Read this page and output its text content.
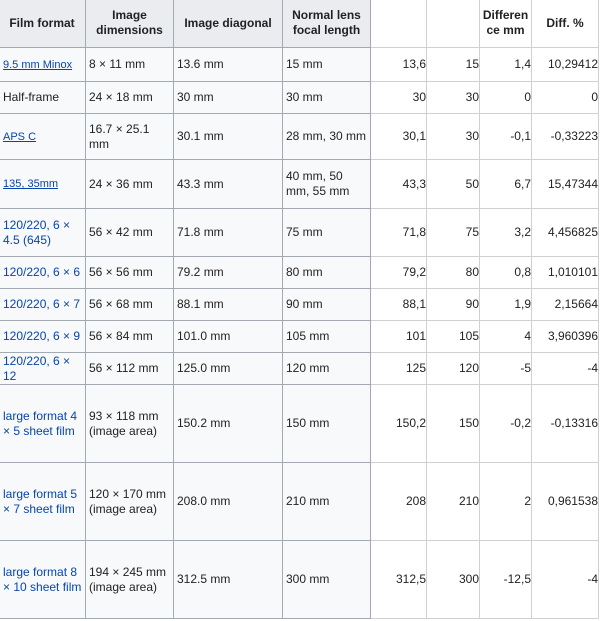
Film format	Image dimensions	Image diagonal	Normal lens focal length			Differen ce mm	Diff. %
9.5 mm Minox	8 × 11 mm	13.6 mm	15 mm	13,6	15	1,4	10,29412
Half-frame	24 × 18 mm	30 mm	30 mm	30	30	0	0
APS C	16.7 × 25.1 mm	30.1 mm	28 mm, 30 mm	30,1	30	-0,1	-0,33223
135, 35mm	24 × 36 mm	43.3 mm	40 mm, 50 mm, 55 mm	43,3	50	6,7	15,47344
120/220, 6 × 4.5 (645)	56 × 42 mm	71.8 mm	75 mm	71,8	75	3,2	4,456825
120/220, 6 × 6	56 × 56 mm	79.2 mm	80 mm	79,2	80	0,8	1,010101
120/220, 6 × 7	56 × 68 mm	88.1 mm	90 mm	88,1	90	1,9	2,15664
120/220, 6 × 9	56 × 84 mm	101.0 mm	105 mm	101	105	4	3,960396
120/220, 6 × 12	56 × 112 mm	125.0 mm	120 mm	125	120	-5	-4
large format 4 × 5 sheet film	93 × 118 mm (image area)	150.2 mm	150 mm	150,2	150	-0,2	-0,13316
large format 5 × 7 sheet film	120 × 170 mm (image area)	208.0 mm	210 mm	208	210	2	0,961538
large format 8 × 10 sheet film	194 × 245 mm (image area)	312.5 mm	300 mm	312,5	300	-12,5	-4
